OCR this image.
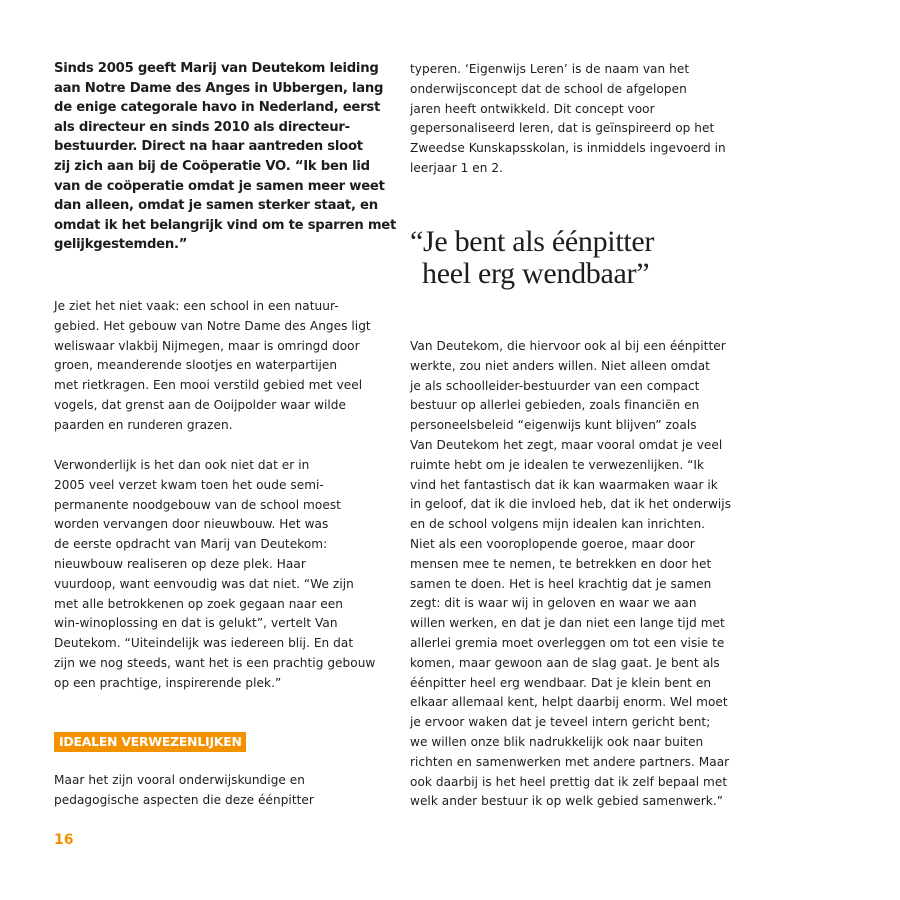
Sinds 2005 geeft Marij van Deutekom leiding
aan Notre Dame des Anges in Ubbergen, lang
de enige categorale havo in Nederland, eerst
als directeur en sinds 2010 als directeur-
bestuurder. Direct na haar aantreden sloot
zij zich aan bij de Coöperatie VO. “Ik ben lid
van de coöperatie omdat je samen meer weet
dan alleen, omdat je samen sterker staat, en
omdat ik het belangrijk vind om te sparren met
gelijkgestemden.”

Je ziet het niet vaak: een school in een natuur-
gebied. Het gebouw van Notre Dame des Anges ligt
weliswaar vlakbij Nijmegen, maar is omringd door
groen, meanderende slootjes en waterpartijen
met rietkragen. Een mooi verstild gebied met veel
vogels, dat grenst aan de Ooijpolder waar wilde
paarden en runderen grazen.

Verwonderlijk is het dan ook niet dat er in
2005 veel verzet kwam toen het oude semi-
permanente noodgebouw van de school moest
worden vervangen door nieuwbouw. Het was
de eerste opdracht van Marij van Deutekom:
nieuwbouw realiseren op deze plek. Haar
vuurdoop, want eenvoudig was dat niet. “We zijn
met alle betrokkenen op zoek gegaan naar een
win-winoplossing en dat is gelukt”, vertelt Van
Deutekom. “Uiteindelijk was iedereen blij. En dat
zijn we nog steeds, want het is een prachtig gebouw
op een prachtige, inspirerende plek.”

IDEALEN VERWEZENLIJKEN

Maar het zijn vooral onderwijskundige en
pedagogische aspecten die deze éénpitter

16

typeren. ‘Eigenwijs Leren’ is de naam van het
onderwijsconcept dat de school de afgelopen
jaren heeft ontwikkeld. Dit concept voor
gepersonaliseerd leren, dat is geïnspireerd op het
Zweedse Kunskapsskolan, is inmiddels ingevoerd in
leerjaar 1 en 2.

“Je bent als éénpitter
heel erg wendbaar”

Van Deutekom, die hiervoor ook al bij een éénpitter
werkte, zou niet anders willen. Niet alleen omdat
je als schoolleider-bestuurder van een compact
bestuur op allerlei gebieden, zoals financiën en
personeelsbeleid “eigenwijs kunt blijven” zoals
Van Deutekom het zegt, maar vooral omdat je veel
ruimte hebt om je idealen te verwezenlijken. “Ik
vind het fantastisch dat ik kan waarmaken waar ik
in geloof, dat ik die invloed heb, dat ik het onderwijs
en de school volgens mijn idealen kan inrichten.
Niet als een vooroplopende goeroe, maar door
mensen mee te nemen, te betrekken en door het
samen te doen. Het is heel krachtig dat je samen
zegt: dit is waar wij in geloven en waar we aan
willen werken, en dat je dan niet een lange tijd met
allerlei gremia moet overleggen om tot een visie te
komen, maar gewoon aan de slag gaat. Je bent als
éénpitter heel erg wendbaar. Dat je klein bent en
elkaar allemaal kent, helpt daarbij enorm. Wel moet
je ervoor waken dat je teveel intern gericht bent;
we willen onze blik nadrukkelijk ook naar buiten
richten en samenwerken met andere partners. Maar
ook daarbij is het heel prettig dat ik zelf bepaal met
welk ander bestuur ik op welk gebied samenwerk.”
